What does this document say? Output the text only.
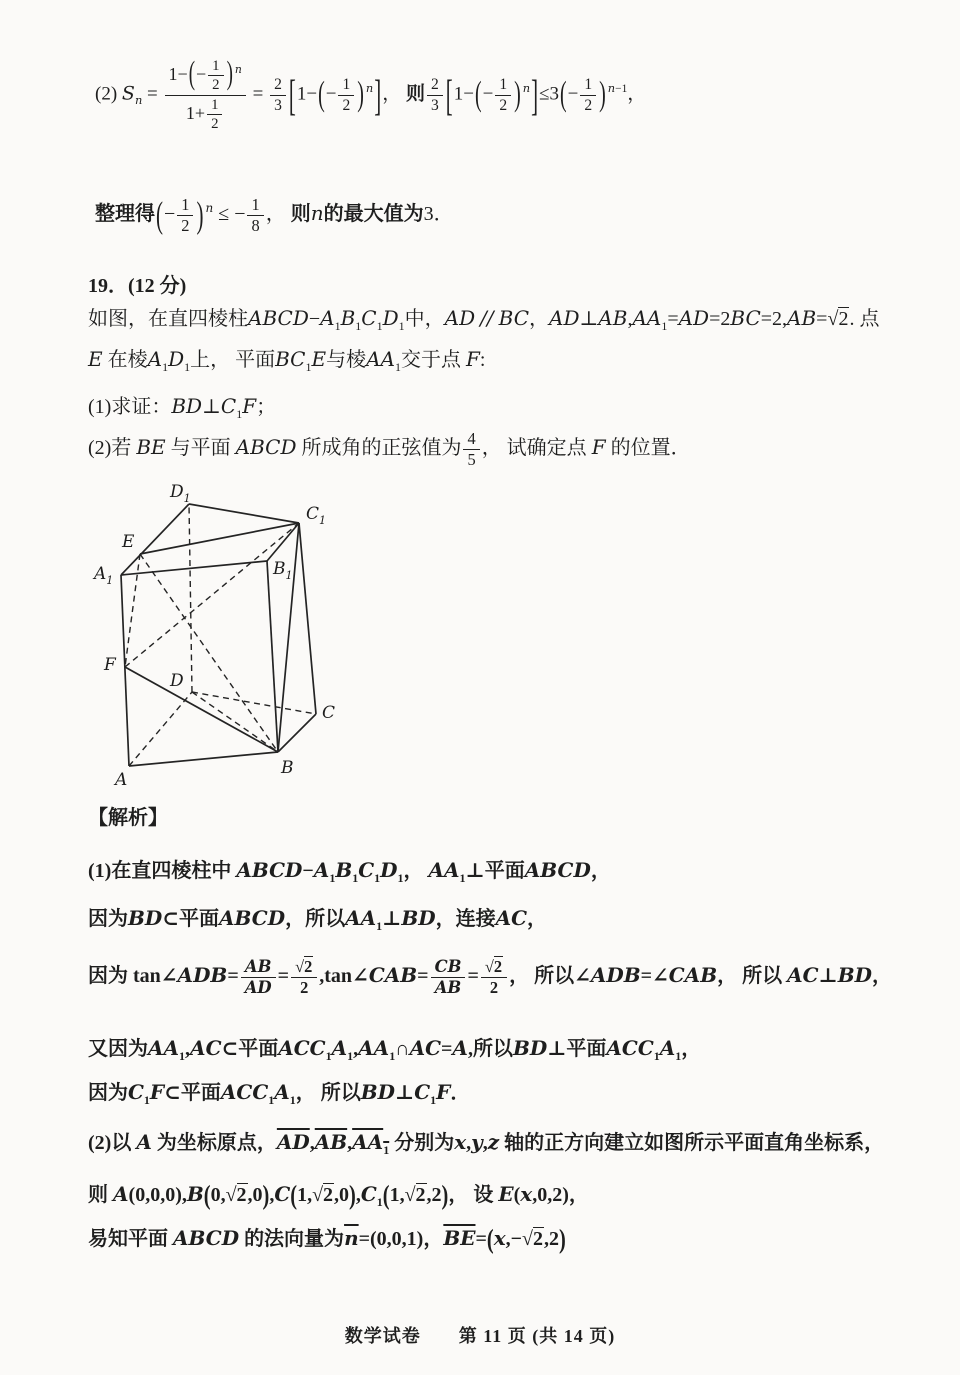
(2) $S_n = \frac{1-(- \frac{1}{2} ) ^n}{1+ \frac{1}{2}} = \frac{2}{3} [1-(- \frac{1}{2}$ ) $^n$]， 则 $\frac{2}{3} [1-(- \frac{1}{2}$ ) $^n]\le 3(- \frac{1}{2}$ ) $^{n-1}$，
整理得(− $\frac{1}{2}$ ) $^n$ ≤ − $\frac{1}{8}$ ， 则n的最大值为3．
19．(12 分)
如图，在直四棱柱$ABCD-A_1B_1C_1D_1$中，AD // BC，$AD\perp AB,AA_1=AD=2BC=2,AB=√2$. 点
E 在棱$A_1D_1$上， 平面$BC_1E$与棱$AA_1$交于点 F:
(1)求证：$BD\perp C_1F$；
(2)若 BE 与平面 ABCD 所成角的正弦值为 $\frac{4}{5}$ ， 试确定点 F 的位置．
$D_1$
$C_1$
E
$B_1$
$A_1$
F
D
C
B
A
【解析】
(1)在直四棱柱中 $ABCD-A_1B_1C_1D_1$， $AA_1\perp$平面ABCD，
因为BD⊂平面ABCD，所以$AA_1\perp BD$，连接AC，
因为 tan∠ADB= $\frac{AB}{AD} = \frac{√2}{2}$ ,tan∠CAB= $\frac{CB}{AB} = \frac{√2}{2}$ ， 所以∠ADB=∠CAB， 所以 AC⊥BD，
又因为$AA_1,AC\subset$平面$ACC_1A_1,AA_1\cap AC=A$,所以BD⊥平面$ACC_1A_1$，
因为$C_1F\subset$平面$ACC_1A_1$， 所以$BD\perp C_1F$．
(2)以 A 为坐标原点，$\overline{AD},\overline{AB},AA_1$ 分别为x,y,z 轴的正方向建立如图所示平面直角坐标系，
则 $A(0,0,0),B(0,√2,0),C(1,√2,0),C_1(1,√2,2)$， 设 E(x,0,2)，
易知平面 ABCD 的法向量为$\overline{n}=(0,0,1)$，$\overline{BE}=(x,-√2,2)$
数学试卷　　第 11 页 (共 14 页)
